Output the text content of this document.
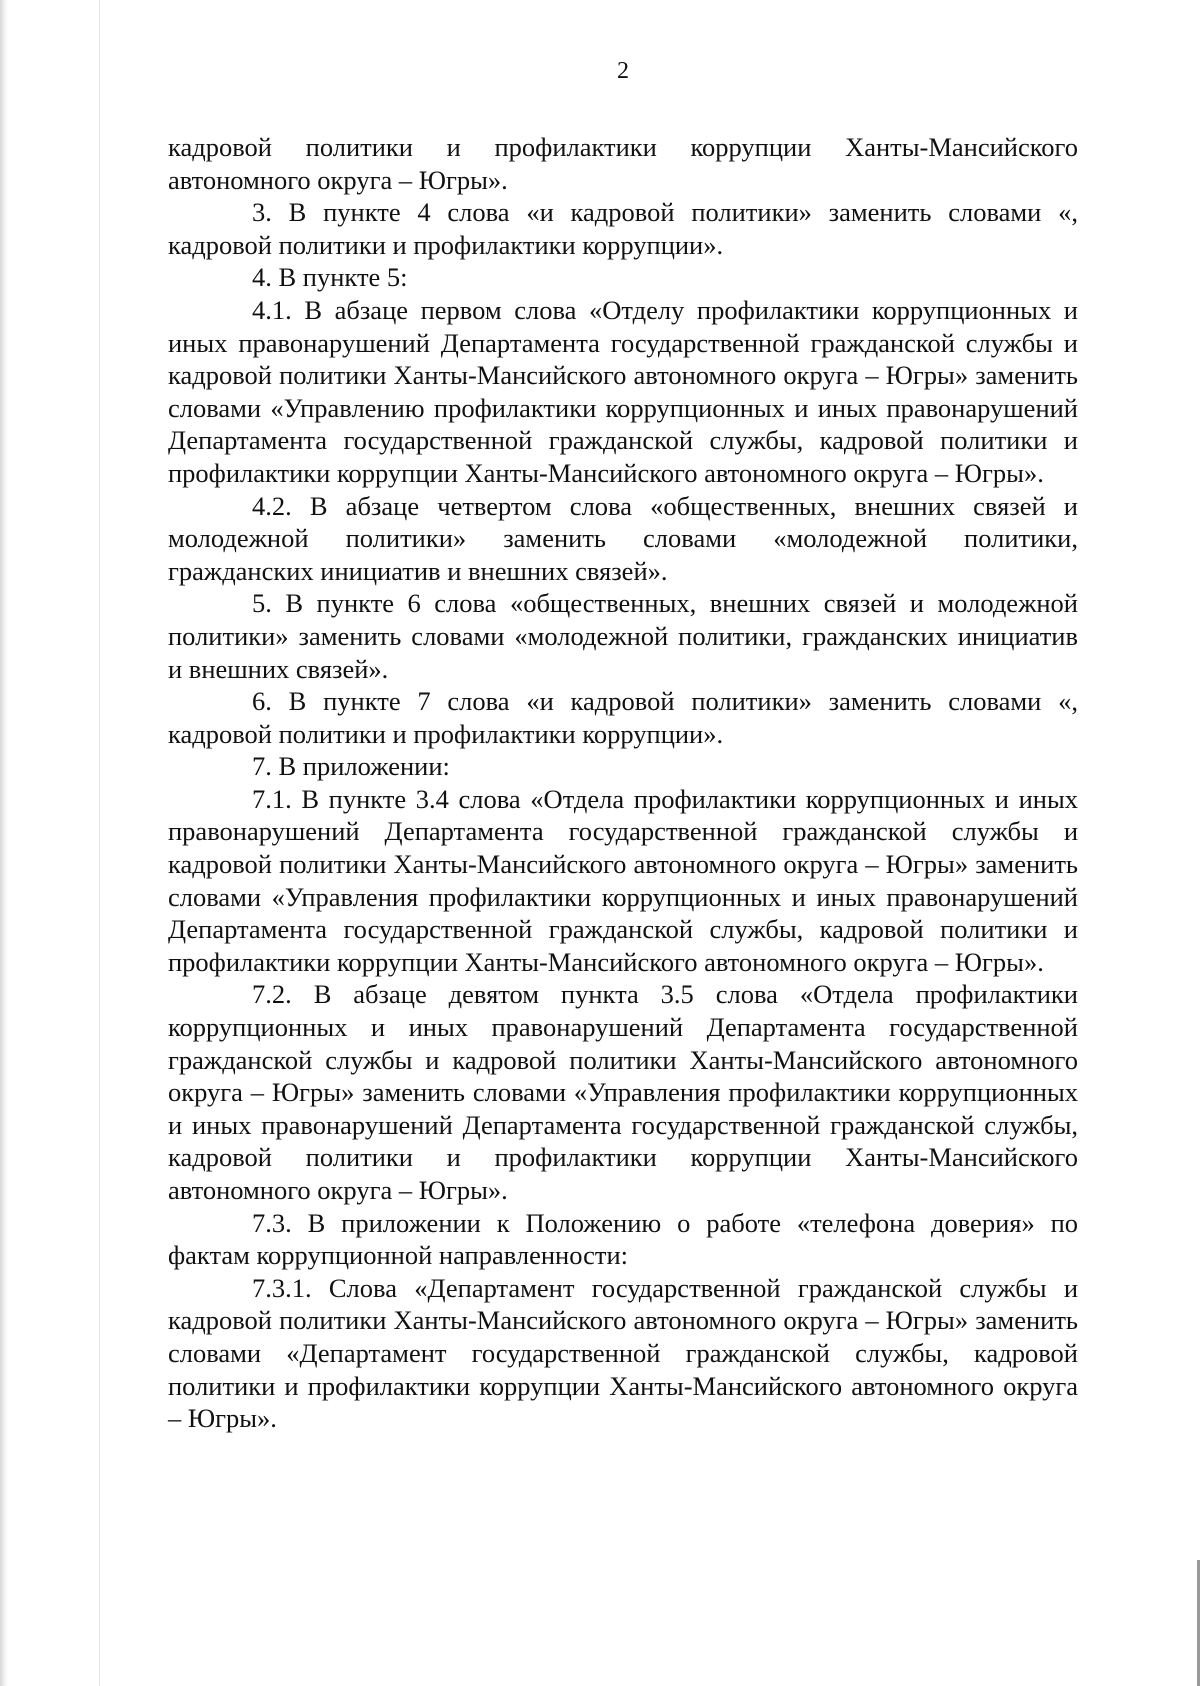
2

кадровой политики и профилактики коррупции Ханты-Мансийского автономного округа – Югры».

3. В пункте 4 слова «и кадровой политики» заменить словами «, кадровой политики и профилактики коррупции».

4. В пункте 5:

4.1. В абзаце первом слова «Отделу профилактики коррупционных и иных правонарушений Департамента государственной гражданской службы и кадровой политики Ханты-Мансийского автономного округа – Югры» заменить словами «Управлению профилактики коррупционных и иных правонарушений Департамента государственной гражданской службы, кадровой политики и профилактики коррупции Ханты-Мансийского автономного округа – Югры».

4.2. В абзаце четвертом слова «общественных, внешних связей и молодежной политики» заменить словами «молодежной политики, гражданских инициатив и внешних связей».

5. В пункте 6 слова «общественных, внешних связей и молодежной политики» заменить словами «молодежной политики, гражданских инициатив и внешних связей».

6. В пункте 7 слова «и кадровой политики» заменить словами «, кадровой политики и профилактики коррупции».

7. В приложении:

7.1. В пункте 3.4 слова «Отдела профилактики коррупционных и иных правонарушений Департамента государственной гражданской службы и кадровой политики Ханты-Мансийского автономного округа – Югры» заменить словами «Управления профилактики коррупционных и иных правонарушений Департамента государственной гражданской службы, кадровой политики и профилактики коррупции Ханты-Мансийского автономного округа – Югры».

7.2. В абзаце девятом пункта 3.5 слова «Отдела профилактики коррупционных и иных правонарушений Департамента государственной гражданской службы и кадровой политики Ханты-Мансийского автономного округа – Югры» заменить словами «Управления профилактики коррупционных и иных правонарушений Департамента государственной гражданской службы, кадровой политики и профилактики коррупции Ханты-Мансийского автономного округа – Югры».

7.3. В приложении к Положению о работе «телефона доверия» по фактам коррупционной направленности:

7.3.1. Слова «Департамент государственной гражданской службы и кадровой политики Ханты-Мансийского автономного округа – Югры» заменить словами «Департамент государственной гражданской службы, кадровой политики и профилактики коррупции Ханты-Мансийского автономного округа – Югры».
